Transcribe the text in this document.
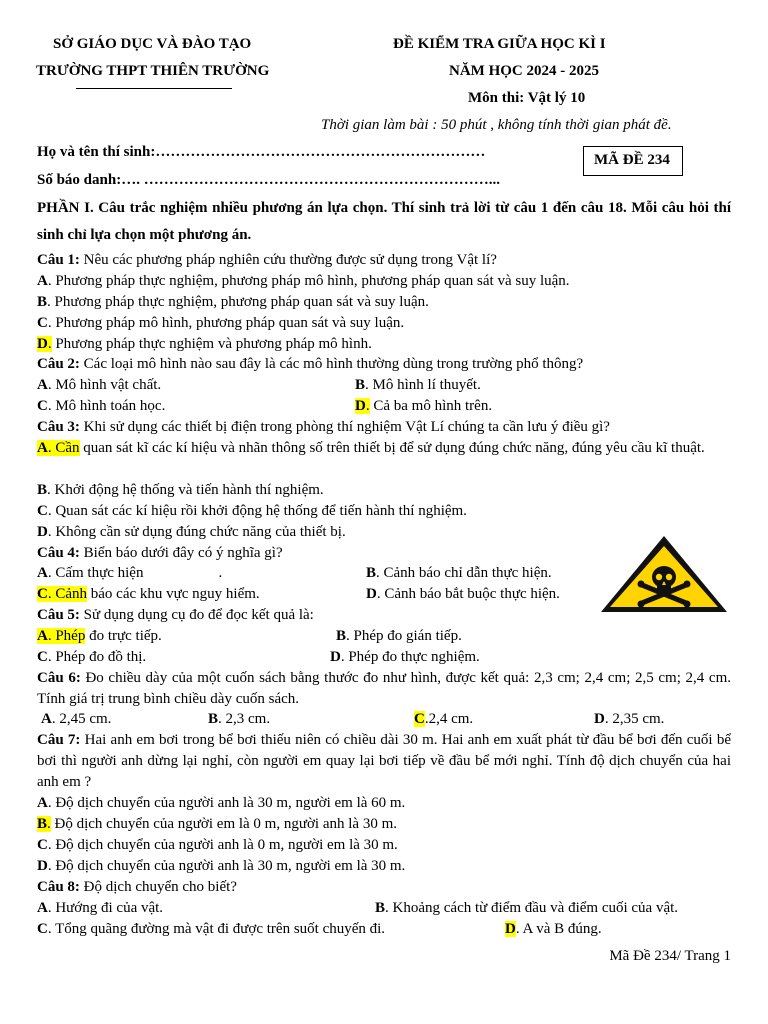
SỞ GIÁO DỤC VÀ ĐÀO TẠO
TRƯỜNG THPT THIÊN TRƯỜNG
ĐỀ KIỂM TRA GIỮA HỌC KÌ I
NĂM HỌC 2024 - 2025
Môn thi: Vật lý 10
Thời gian làm bài : 50 phút , không tính thời gian phát đề.
Họ và tên thí sinh:…………………………………………………………
Số báo danh:…. ……………………………………………………………...
MÃ ĐỀ 234
PHẦN I. Câu trắc nghiệm nhiều phương án lựa chọn. Thí sinh trả lời từ câu 1 đến câu 18. Mỗi câu hỏi thí sinh chỉ lựa chọn một phương án.
Câu 1: Nêu các phương pháp nghiên cứu thường được sử dụng trong Vật lí?
A. Phương pháp thực nghiệm, phương pháp mô hình, phương pháp quan sát và suy luận.
B. Phương pháp thực nghiệm, phương pháp quan sát và suy luận.
C. Phương pháp mô hình, phương pháp quan sát và suy luận.
D. Phương pháp thực nghiệm và phương pháp mô hình.
Câu 2: Các loại mô hình nào sau đây là các mô hình thường dùng trong trường phổ thông?
A. Mô hình vật chất.	B. Mô hình lí thuyết.
C. Mô hình toán học.	D. Cả ba mô hình trên.
Câu 3: Khi sử dụng các thiết bị điện trong phòng thí nghiệm Vật Lí chúng ta cần lưu ý điều gì?
A. Cần quan sát kĩ các kí hiệu và nhãn thông số trên thiết bị để sử dụng đúng chức năng, đúng yêu cầu kĩ thuật.
B. Khởi động hệ thống và tiến hành thí nghiệm.
C. Quan sát các kí hiệu rồi khởi động hệ thống để tiến hành thí nghiệm.
D. Không cần sử dụng đúng chức năng của thiết bị.
Câu 4: Biển báo dưới đây có ý nghĩa gì?
A. Cấm thực hiện                    .	B. Cảnh báo chỉ dẫn thực hiện.
C. Cảnh báo các khu vực nguy hiểm.	D. Cảnh báo bắt buộc thực hiện.
Câu 5: Sử dụng dụng cụ đo để đọc kết quả là:
A. Phép đo trực tiếp.	B. Phép đo gián tiếp.
C. Phép đo đồ thị.	D. Phép đo thực nghiệm.
Câu 6: Đo chiều dày của một cuốn sách bằng thước đo như hình, được kết quả: 2,3 cm; 2,4 cm; 2,5 cm; 2,4 cm. Tính giá trị trung bình chiều dày cuốn sách.
A. 2,45 cm.	B. 2,3 cm.	C.2,4 cm.	D. 2,35 cm.
Câu 7: Hai anh em bơi trong bể bơi thiếu niên có chiều dài 30 m. Hai anh em xuất phát từ đầu bể bơi đến cuối bể bơi thì người anh dừng lại nghỉ, còn người em quay lại bơi tiếp về đầu bể mới nghỉ. Tính độ dịch chuyển của hai anh em ?
A. Độ dịch chuyển của người anh là 30 m, người em là 60 m.
B. Độ dịch chuyển của người em là 0 m, người anh là 30 m.
C. Độ dịch chuyển của người anh là 0 m, người em là 30 m.
D. Độ dịch chuyển của người anh là 30 m, người em là 30 m.
Câu 8: Độ dịch chuyển cho biết?
A. Hướng đi của vật.	B. Khoảng cách từ điểm đầu và điểm cuối của vật.
C. Tổng quãng đường mà vật đi được trên suốt chuyến đi.	D. A và B đúng.
Mã Đề 234/ Trang 1
